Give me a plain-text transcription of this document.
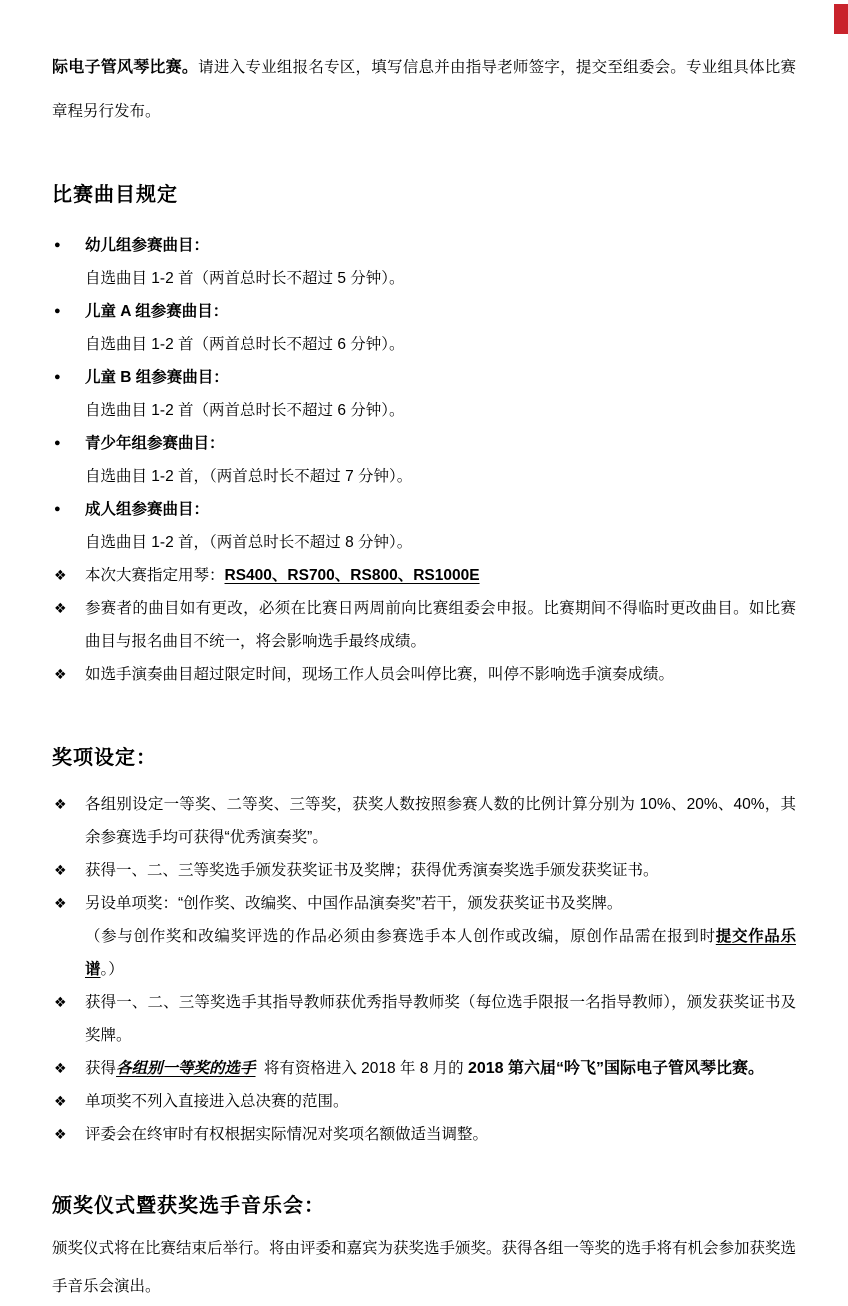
际电子管风琴比赛。请进入专业组报名专区，填写信息并由指导老师签字，提交至组委会。专业组具体比赛章程另行发布。

比赛曲目规定
●	幼儿组参赛曲目：
自选曲目 1-2 首（两首总时长不超过 5 分钟）。
●	儿童 A 组参赛曲目：
自选曲目 1-2 首（两首总时长不超过 6 分钟）。
●	儿童 B 组参赛曲目：
自选曲目 1-2 首（两首总时长不超过 6 分钟）。
●	青少年组参赛曲目：
自选曲目 1-2 首，（两首总时长不超过 7 分钟）。
●	成人组参赛曲目：
自选曲目 1-2 首，（两首总时长不超过 8 分钟）。
❖	本次大赛指定用琴：RS400、RS700、RS800、RS1000E
❖	参赛者的曲目如有更改，必须在比赛日两周前向比赛组委会申报。比赛期间不得临时更改曲目。如比赛曲目与报名曲目不统一，将会影响选手最终成绩。
❖	如选手演奏曲目超过限定时间，现场工作人员会叫停比赛，叫停不影响选手演奏成绩。
奖项设定：
❖	各组别设定一等奖、二等奖、三等奖，获奖人数按照参赛人数的比例计算分别为 10%、20%、40%，其余参赛选手均可获得“优秀演奏奖”。
❖	获得一、二、三等奖选手颁发获奖证书及奖牌；获得优秀演奏奖选手颁发获奖证书。
❖	另设单项奖：“创作奖、改编奖、中国作品演奏奖”若干，颁发获奖证书及奖牌。
（参与创作奖和改编奖评选的作品必须由参赛选手本人创作或改编，原创作品需在报到时提交作品乐谱。）
❖	获得一、二、三等奖选手其指导教师获优秀指导教师奖（每位选手限报一名指导教师），颁发获奖证书及奖牌。
❖	获得各组别一等奖的选手 将有资格进入 2018 年 8 月的 2018 第六届“吟飞”国际电子管风琴比赛。
❖	单项奖不列入直接进入总决赛的范围。
❖	评委会在终审时有权根据实际情况对奖项名额做适当调整。
颁奖仪式暨获奖选手音乐会：

颁奖仪式将在比赛结束后举行。将由评委和嘉宾为获奖选手颁奖。获得各组一等奖的选手将有机会参加获奖选手音乐会演出。
